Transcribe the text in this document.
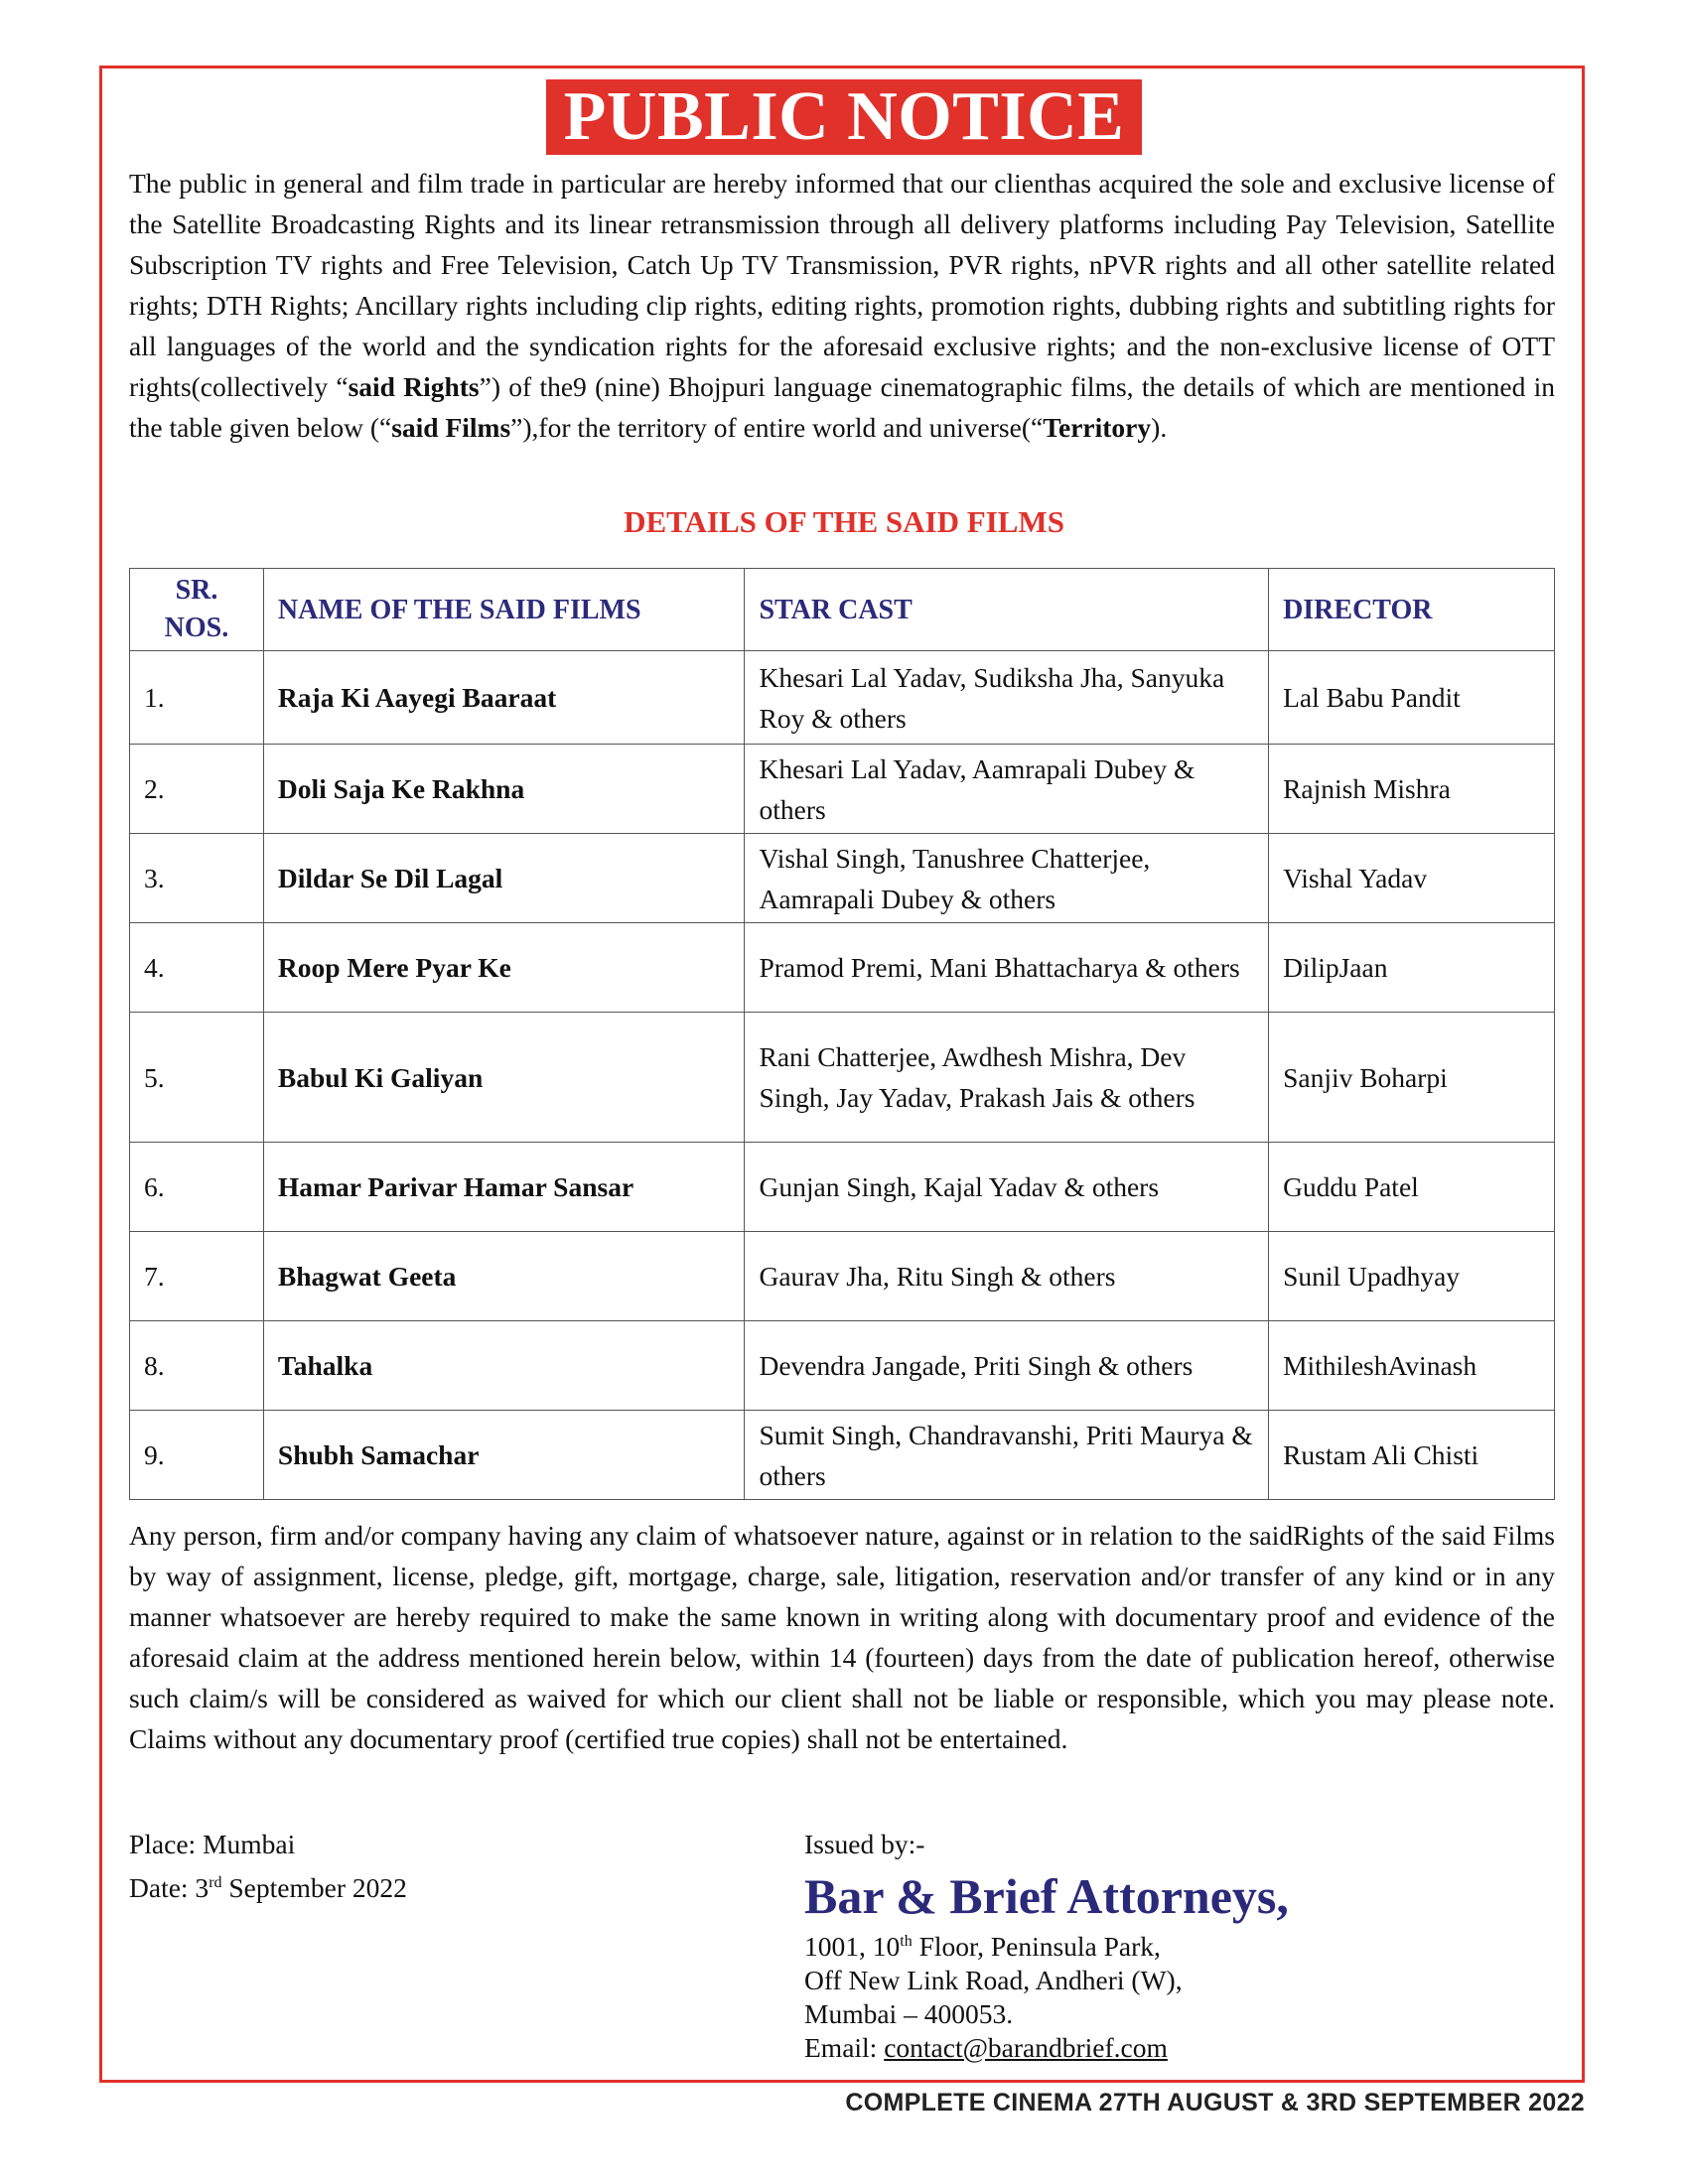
PUBLIC NOTICE

The public in general and film trade in particular are hereby informed that our clienthas acquired the sole and exclusive license of the Satellite Broadcasting Rights and its linear retransmission through all delivery platforms including Pay Television, Satellite Subscription TV rights and Free Television, Catch Up TV Transmission, PVR rights, nPVR rights and all other satellite related rights; DTH Rights; Ancillary rights including clip rights, editing rights, promotion rights, dubbing rights and subtitling rights for all languages of the world and the syndication rights for the aforesaid exclusive rights; and the non-exclusive license of OTT rights(collectively “said Rights”) of the9 (nine) Bhojpuri language cinematographic films, the details of which are mentioned in the table given below (“said Films”),for the territory of entire world and universe(“Territory).

DETAILS OF THE SAID FILMS
SR.
NOS.	NAME OF THE SAID FILMS	STAR CAST	DIRECTOR
1.	Raja Ki Aayegi Baaraat	Khesari Lal Yadav, Sudiksha Jha, Sanyuka Roy & others	Lal Babu Pandit
2.	Doli Saja Ke Rakhna	Khesari Lal Yadav, Aamrapali Dubey & others	Rajnish Mishra
3.	Dildar Se Dil Lagal	Vishal Singh, Tanushree Chatterjee, Aamrapali Dubey & others	Vishal Yadav
4.	Roop Mere Pyar Ke	Pramod Premi, Mani Bhattacharya & others	DilipJaan
5.	Babul Ki Galiyan	Rani Chatterjee, Awdhesh Mishra, Dev Singh, Jay Yadav, Prakash Jais & others	Sanjiv Boharpi
6.	Hamar Parivar Hamar Sansar	Gunjan Singh, Kajal Yadav & others	Guddu Patel
7.	Bhagwat Geeta	Gaurav Jha, Ritu Singh & others	Sunil Upadhyay
8.	Tahalka	Devendra Jangade, Priti Singh & others	MithileshAvinash
9.	Shubh Samachar	Sumit Singh, Chandravanshi, Priti Maurya & others	Rustam Ali Chisti

Any person, firm and/or company having any claim of whatsoever nature, against or in relation to the saidRights of the said Films by way of assignment, license, pledge, gift, mortgage, charge, sale, litigation, reservation and/or transfer of any kind or in any manner whatsoever are hereby required to make the same known in writing along with documentary proof and evidence of the aforesaid claim at the address mentioned herein below, within 14 (fourteen) days from the date of publication hereof, otherwise such claim/s will be considered as waived for which our client shall not be liable or responsible, which you may please note. Claims without any documentary proof (certified true copies) shall not be entertained.

Place: Mumbai
Date: 3rd September 2022
Issued by:-
Bar & Brief Attorneys,
1001, 10th Floor, Peninsula Park,
Off New Link Road, Andheri (W),
Mumbai – 400053.
Email: contact@barandbrief.com
COMPLETE CINEMA 27TH AUGUST & 3RD SEPTEMBER 2022
